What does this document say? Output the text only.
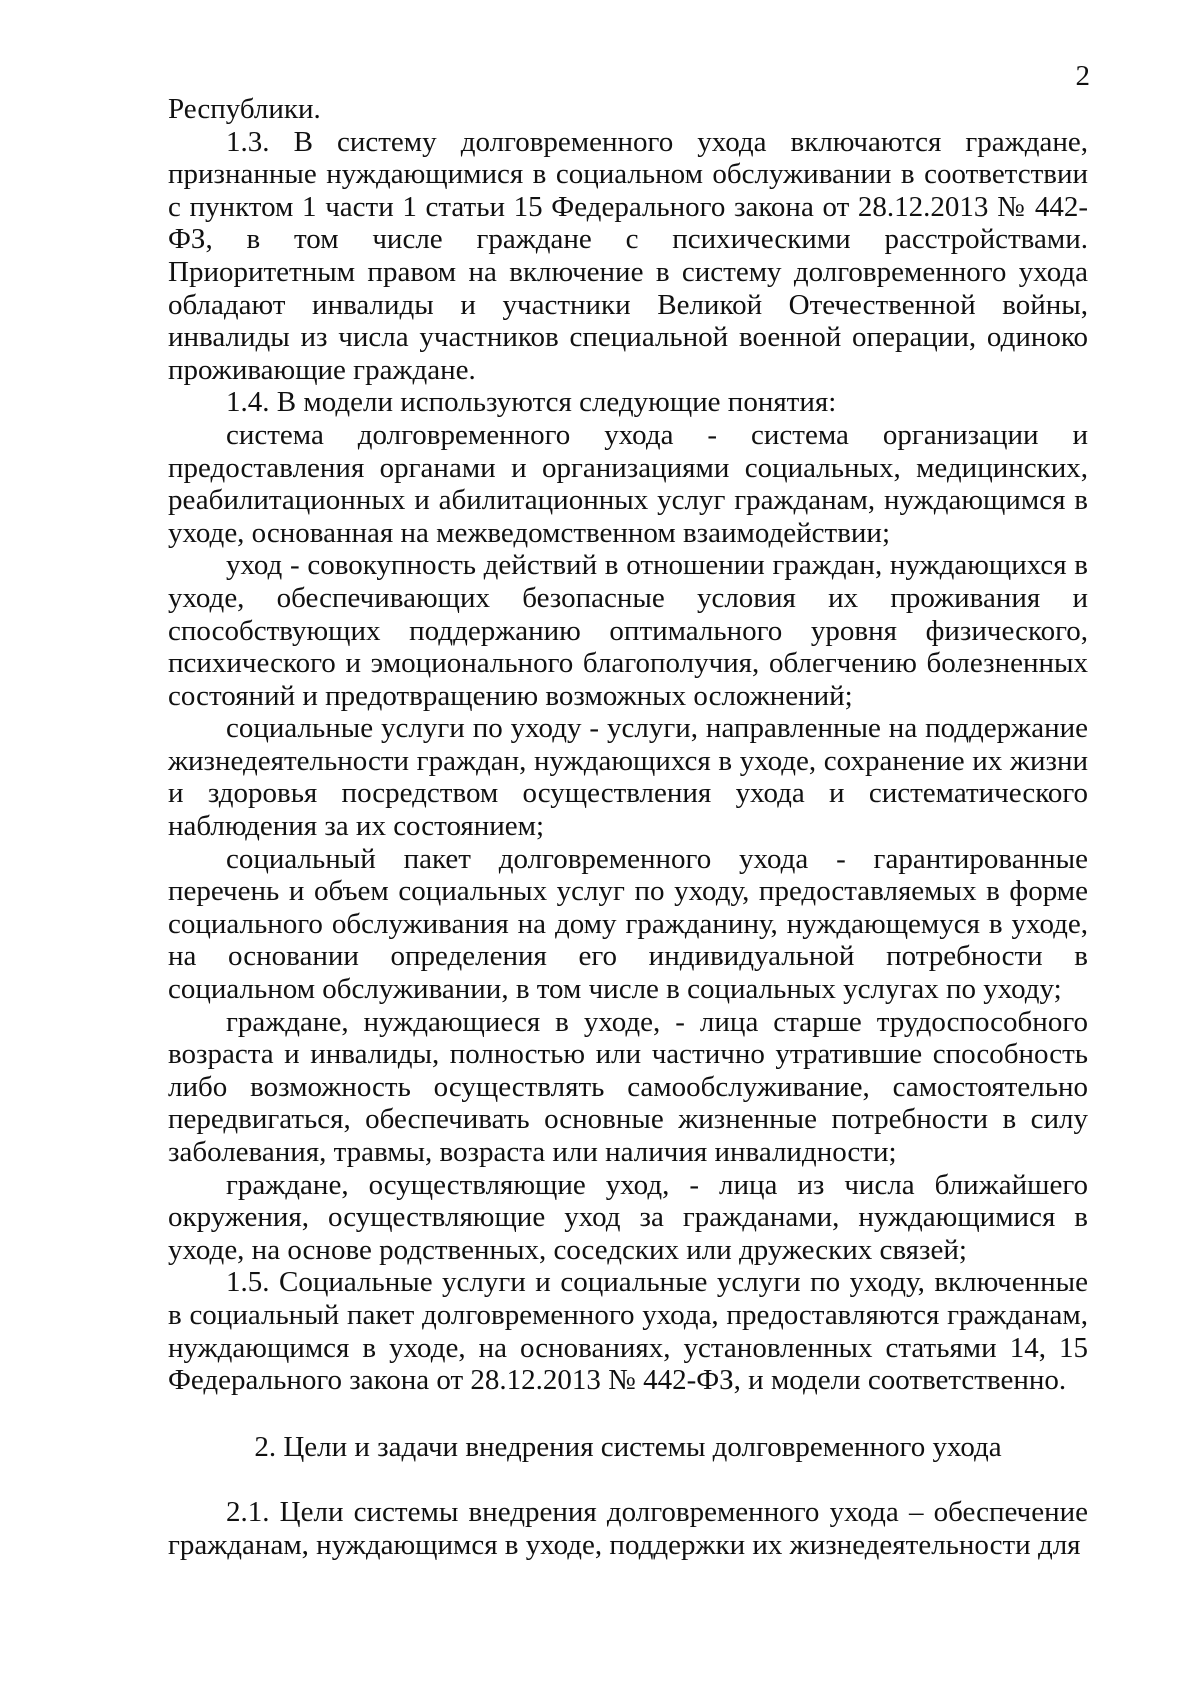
2

Республики.

1.3. В систему долговременного ухода включаются граждане, признанные нуждающимися в социальном обслуживании в соответствии с пунктом 1 части 1 статьи 15 Федерального закона от 28.12.2013 № 442-ФЗ, в том числе граждане с психическими расстройствами. Приоритетным правом на включение в систему долговременного ухода обладают инвалиды и участники Великой Отечественной войны, инвалиды из числа участников специальной военной операции, одиноко проживающие граждане.

1.4. В модели используются следующие понятия:

система долговременного ухода - система организации и предоставления органами и организациями социальных, медицинских, реабилитационных и абилитационных услуг гражданам, нуждающимся в уходе, основанная на межведомственном взаимодействии;

уход - совокупность действий в отношении граждан, нуждающихся в уходе, обеспечивающих безопасные условия их проживания и способствующих поддержанию оптимального уровня физического, психического и эмоционального благополучия, облегчению болезненных состояний и предотвращению возможных осложнений;

социальные услуги по уходу - услуги, направленные на поддержание жизнедеятельности граждан, нуждающихся в уходе, сохранение их жизни и здоровья посредством осуществления ухода и систематического наблюдения за их состоянием;

социальный пакет долговременного ухода - гарантированные перечень и объем социальных услуг по уходу, предоставляемых в форме социального обслуживания на дому гражданину, нуждающемуся в уходе, на основании определения его индивидуальной потребности в социальном обслуживании, в том числе в социальных услугах по уходу;

граждане, нуждающиеся в уходе, - лица старше трудоспособного возраста и инвалиды, полностью или частично утратившие способность либо возможность осуществлять самообслуживание, самостоятельно передвигаться, обеспечивать основные жизненные потребности в силу заболевания, травмы, возраста или наличия инвалидности;

граждане, осуществляющие уход, - лица из числа ближайшего окружения, осуществляющие уход за гражданами, нуждающимися в уходе, на основе родственных, соседских или дружеских связей;

1.5. Социальные услуги и социальные услуги по уходу, включенные в социальный пакет долговременного ухода, предоставляются гражданам, нуждающимся в уходе, на основаниях, установленных статьями 14, 15 Федерального закона от 28.12.2013 № 442-ФЗ, и модели соответственно.

2. Цели и задачи внедрения системы долговременного ухода

2.1. Цели системы внедрения долговременного ухода – обеспечение гражданам, нуждающимся в уходе, поддержки их жизнедеятельности для
